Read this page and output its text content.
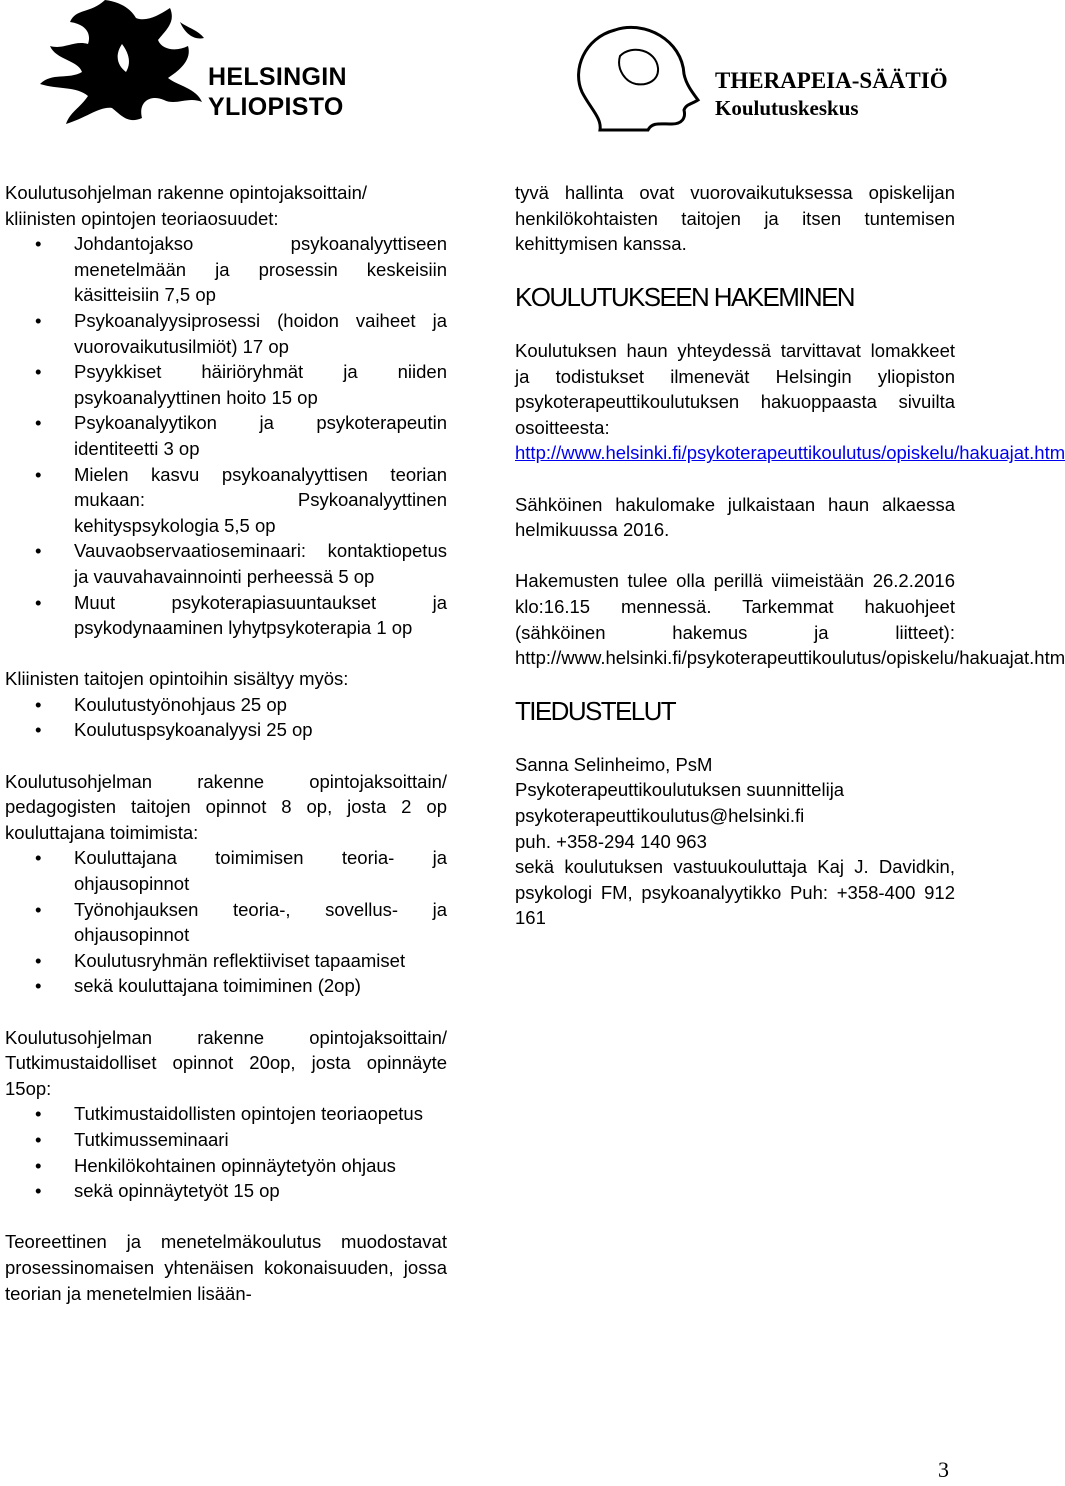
HELSINGIN YLIOPISTO
THERAPEIA-SÄÄTIÖ
Koulutuskeskus

Koulutusohjelman rakenne opintojaksoittain/

kliinisten opintojen teoriaosuudet:

• Johdantojakso psykoanalyyttiseen menetelmään ja prosessin keskeisiin käsitteisiin 7,5 op
• Psykoanalyysiprosessi (hoidon vaiheet ja vuorovaikutusilmiöt) 17 op
• Psyykkiset häiriöryhmät ja niiden psykoanalyyttinen hoito 15 op
• Psykoanalyytikon ja psykoterapeutin identiteetti 3 op
• Mielen kasvu psykoanalyyttisen teorian mukaan: Psykoanalyyttinen kehityspsykologia 5,5 op
• Vauvaobservaatioseminaari: kontaktiopetus ja vauvahavainnointi perheessä 5 op
• Muut psykoterapiasuuntaukset ja psykodynaaminen lyhytpsykoterapia 1 op

Kliinisten taitojen opintoihin sisältyy myös:

• Koulutustyönohjaus 25 op
• Koulutuspsykoanalyysi 25 op

Koulutusohjelman rakenne opintojaksoittain/ pedagogisten taitojen opinnot 8 op, josta 2 op kouluttajana toimimista:

• Kouluttajana toimimisen teoria- ja ohjausopinnot
• Työnohjauksen teoria-, sovellus- ja ohjausopinnot
• Koulutusryhmän reflektiiviset tapaamiset
• sekä kouluttajana toimiminen (2op)

Koulutusohjelman rakenne opintojaksoittain/ Tutkimustaidolliset opinnot 20op, josta opinnäyte 15op:

• Tutkimustaidollisten opintojen teoriaopetus
• Tutkimusseminaari
• Henkilökohtainen opinnäytetyön ohjaus
• sekä opinnäytetyöt 15 op

Teoreettinen ja menetelmäkoulutus muodostavat prosessinomaisen yhtenäisen kokonaisuuden, jossa teorian ja menetelmien lisään-

tyvä hallinta ovat vuorovaikutuksessa opiskelijan henkilökohtaisten taitojen ja itsen tuntemisen kehittymisen kanssa.

KOULUTUKSEEN HAKEMINEN

Koulutuksen haun yhteydessä tarvittavat lomakkeet ja todistukset ilmenevät Helsingin yliopiston psykoterapeuttikoulutuksen hakuoppaasta sivuilta osoitteesta: http://www.helsinki.fi/psykoterapeuttikoulutus/opiskelu/hakuajat.htm

Sähköinen hakulomake julkaistaan haun alkaessa helmikuussa 2016.

Hakemusten tulee olla perillä viimeistään 26.2.2016 klo:16.15 mennessä. Tarkemmat hakuohjeet (sähköinen hakemus ja liitteet): http://www.helsinki.fi/psykoterapeuttikoulutus/opiskelu/hakuajat.htm

TIEDUSTELUT

Sanna Selinheimo, PsM

Psykoterapeuttikoulutuksen suunnittelija

psykoterapeuttikoulutus@helsinki.fi

puh. +358-294 140 963

sekä koulutuksen vastuukouluttaja Kaj J. Davidkin, psykologi FM, psykoanalyytikko Puh: +358-400 912 161

3
